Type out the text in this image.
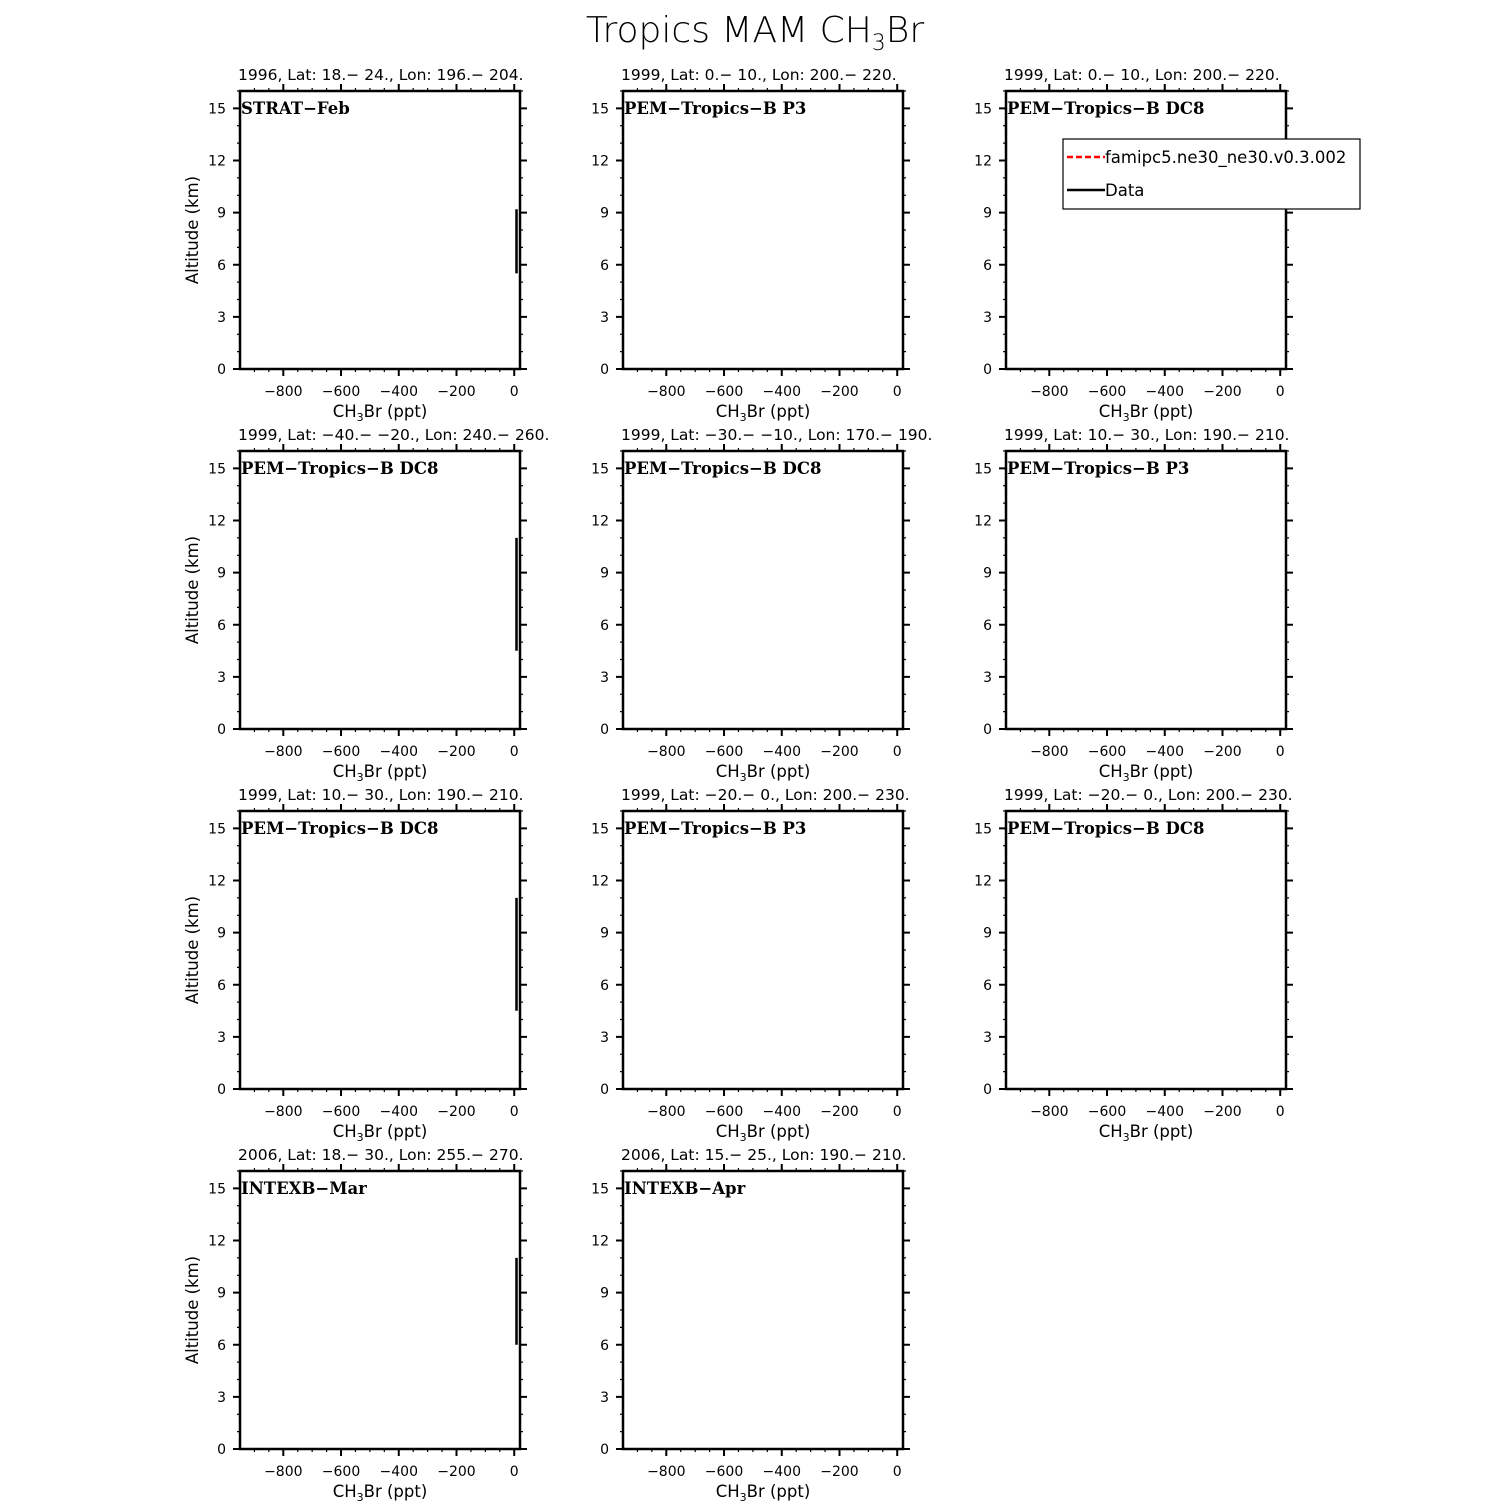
Tropics MAM $CH_3Br$
1996, Lat: 18.− 24., Lon: 196.− 204.
0
3
6
9
12
15
−800 −600 −400 −200 0
$CH_3Br$ (ppt)
Altitude (km)
STRAT−Feb
1999, Lat: 0.− 10., Lon: 200.− 220.
0
3
6
9
12
15
−800 −600 −400 −200 0
$CH_3Br$ (ppt)
PEM−Tropics−B P3
1999, Lat: 0.− 10., Lon: 200.− 220.
0
3
6
9
12
15
−800 −600 −400 −200 0
$CH_3Br$ (ppt)
PEM−Tropics−B DC8
famipc5.ne30_ne30.v0.3.002
Data
1999, Lat: −40.− −20., Lon: 240.− 260.
0
3
6
9
12
15
−800 −600 −400 −200 0
$CH_3Br$ (ppt)
Altitude (km)
PEM−Tropics−B DC8
1999, Lat: −30.− −10., Lon: 170.− 190.
0
3
6
9
12
15
−800 −600 −400 −200 0
$CH_3Br$ (ppt)
PEM−Tropics−B DC8
1999, Lat: 10.− 30., Lon: 190.− 210.
0
3
6
9
12
15
−800 −600 −400 −200 0
$CH_3Br$ (ppt)
PEM−Tropics−B P3
1999, Lat: 10.− 30., Lon: 190.− 210.
0
3
6
9
12
15
−800 −600 −400 −200 0
$CH_3Br$ (ppt)
Altitude (km)
PEM−Tropics−B DC8
1999, Lat: −20.− 0., Lon: 200.− 230.
0
3
6
9
12
15
−800 −600 −400 −200 0
$CH_3Br$ (ppt)
PEM−Tropics−B P3
1999, Lat: −20.− 0., Lon: 200.− 230.
0
3
6
9
12
15
−800 −600 −400 −200 0
$CH_3Br$ (ppt)
PEM−Tropics−B DC8
2006, Lat: 18.− 30., Lon: 255.− 270.
0
3
6
9
12
15
−800 −600 −400 −200 0
$CH_3Br$ (ppt)
Altitude (km)
INTEXB−Mar
2006, Lat: 15.− 25., Lon: 190.− 210.
0
3
6
9
12
15
−800 −600 −400 −200 0
$CH_3Br$ (ppt)
INTEXB−Apr
